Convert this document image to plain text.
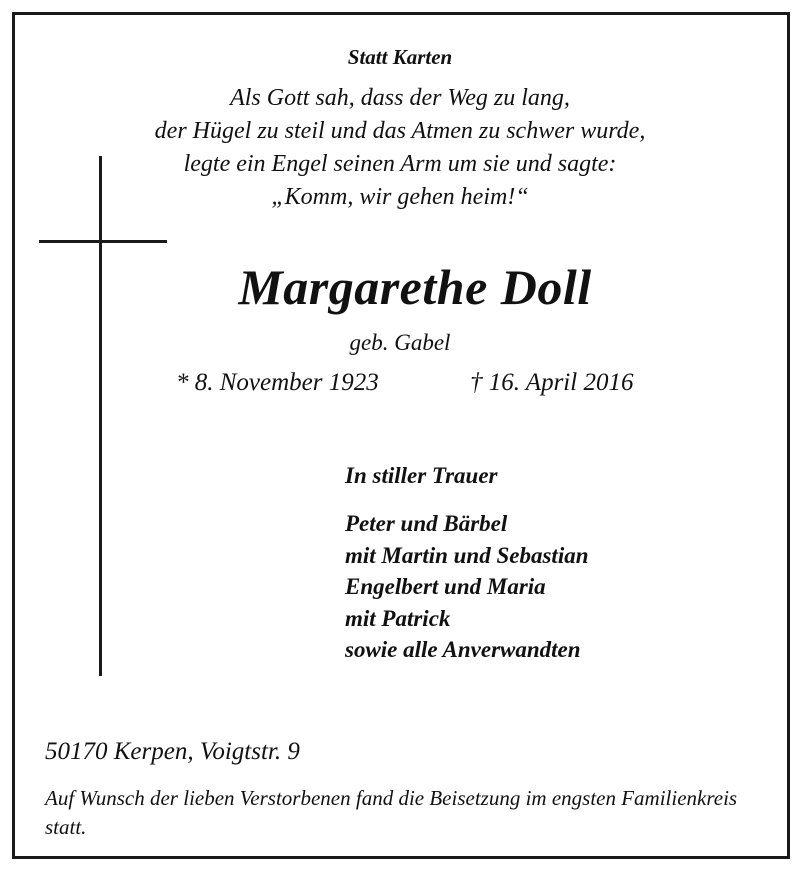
Statt Karten
Als Gott sah, dass der Weg zu lang,
der Hügel zu steil und das Atmen zu schwer wurde,
legte ein Engel seinen Arm um sie und sagte:
„Komm, wir gehen heim!“
Margarethe Doll
geb. Gabel
* 8. November 1923	† 16. April 2016
In stiller Trauer
Peter und Bärbel
mit Martin und Sebastian
Engelbert und Maria
mit Patrick
sowie alle Anverwandten
50170 Kerpen, Voigtstr. 9
Auf Wunsch der lieben Verstorbenen fand die Beisetzung im engsten Familienkreis statt.
